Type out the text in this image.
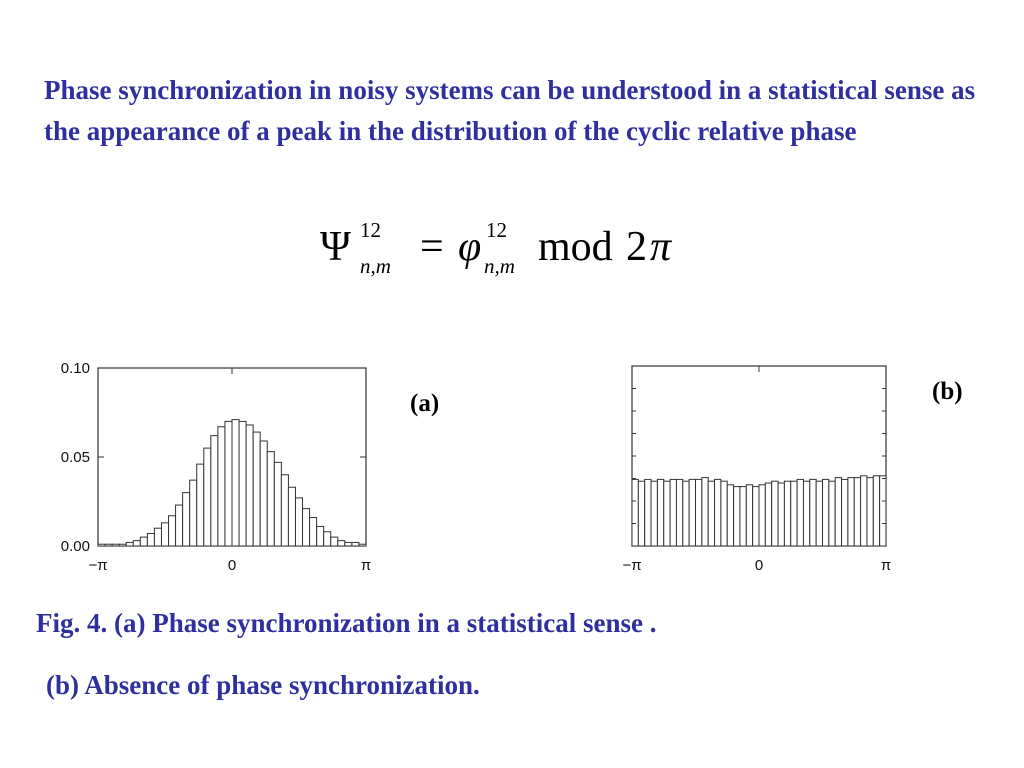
Phase synchronization in noisy systems can be understood in a statistical sense as the appearance of a peak in the distribution of the cyclic relative phase

Ψ 12
n,m = φ 12
n,m mod 2 π
−π	0	π
0.00
0.05
0.10
−π	0	π
(a)	(b)

Fig. 4. (a) Phase synchronization in a statistical sense .

(b) Absence of phase synchronization.
